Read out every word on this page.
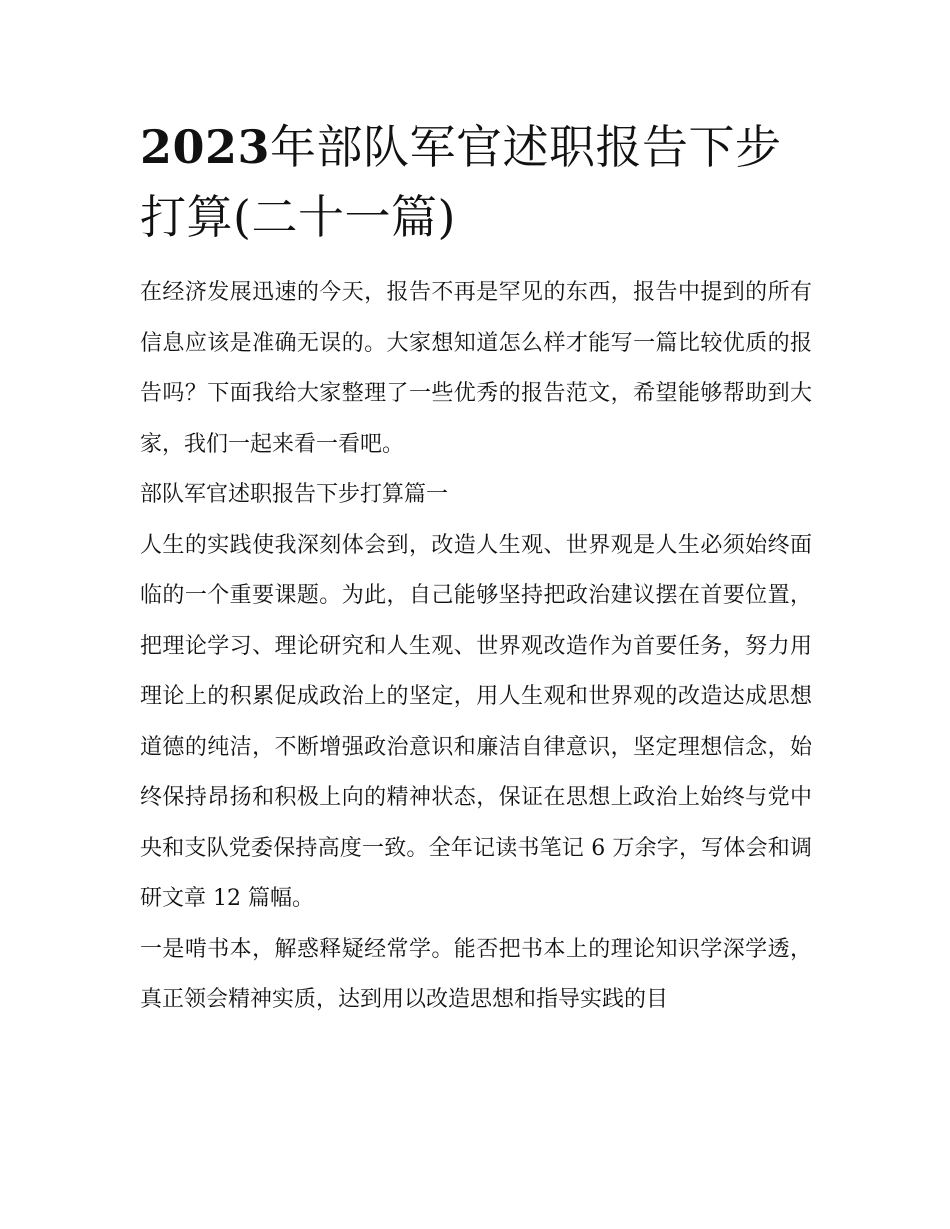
2023年部队军官述职报告下步打算(二十一篇)

在经济发展迅速的今天，报告不再是罕见的东西，报告中提到的所有信息应该是准确无误的。大家想知道怎么样才能写一篇比较优质的报告吗？下面我给大家整理了一些优秀的报告范文，希望能够帮助到大家，我们一起来看一看吧。

部队军官述职报告下步打算篇一

人生的实践使我深刻体会到，改造人生观、世界观是人生必须始终面临的一个重要课题。为此，自己能够坚持把政治建议摆在首要位置，把理论学习、理论研究和人生观、世界观改造作为首要任务，努力用理论上的积累促成政治上的坚定，用人生观和世界观的改造达成思想道德的纯洁，不断增强政治意识和廉洁自律意识，坚定理想信念，始终保持昂扬和积极上向的精神状态，保证在思想上政治上始终与党中央和支队党委保持高度一致。全年记读书笔记 6 万余字，写体会和调研文章 12 篇幅。

一是啃书本，解惑释疑经常学。能否把书本上的理论知识学深学透，真正领会精神实质，达到用以改造思想和指导实践的目
